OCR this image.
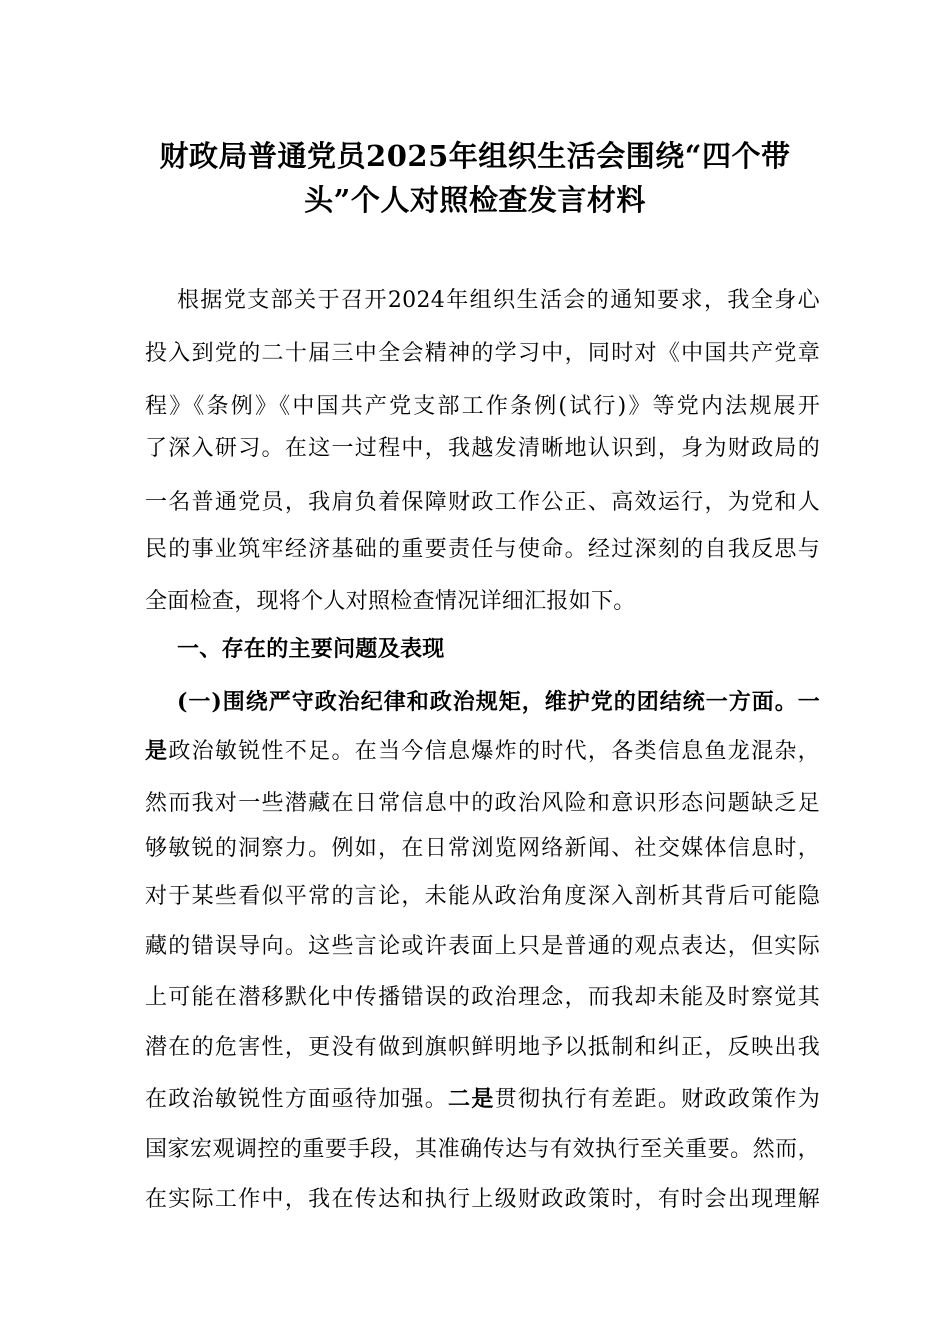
财政局普通党员2025年组织生活会围绕“四个带
头”个人对照检查发言材料
根据党支部关于召开2024年组织生活会的通知要求，我全身心
投入到党的二十届三中全会精神的学习中，同时对《中国共产党章
程》《条例》《中国共产党支部工作条例(试行)》等党内法规展开
了深入研习。在这一过程中，我越发清晰地认识到，身为财政局的
一名普通党员，我肩负着保障财政工作公正、高效运行，为党和人
民的事业筑牢经济基础的重要责任与使命。经过深刻的自我反思与
全面检查，现将个人对照检查情况详细汇报如下。
一、存在的主要问题及表现
(一)围绕严守政治纪律和政治规矩，维护党的团结统一方面。一
是政治敏锐性不足。在当今信息爆炸的时代，各类信息鱼龙混杂，
然而我对一些潜藏在日常信息中的政治风险和意识形态问题缺乏足
够敏锐的洞察力。例如，在日常浏览网络新闻、社交媒体信息时，
对于某些看似平常的言论，未能从政治角度深入剖析其背后可能隐
藏的错误导向。这些言论或许表面上只是普通的观点表达，但实际
上可能在潜移默化中传播错误的政治理念，而我却未能及时察觉其
潜在的危害性，更没有做到旗帜鲜明地予以抵制和纠正，反映出我
在政治敏锐性方面亟待加强。二是贯彻执行有差距。财政政策作为
国家宏观调控的重要手段，其准确传达与有效执行至关重要。然而，
在实际工作中，我在传达和执行上级财政政策时，有时会出现理解
